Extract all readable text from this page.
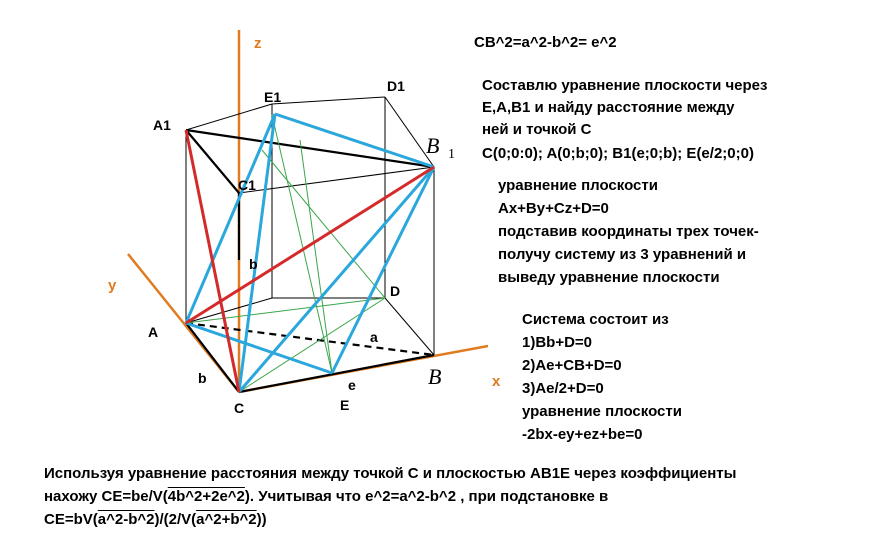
z
y
x
E1
D1
A1
B 1
C1
b
D
A	a
b
C	E
e	B
CB^2=a^2-b^2= e^2
Составлю уравнение плоскости через
E,A,B1 и найду расстояние между
ней и точкой С
C(0;0:0); A(0;b;0); B1(e;0;b); E(e/2;0;0)
уравнение плоскости
Ax+By+Cz+D=0
подставив координаты трех точек-
получу систему из 3 уравнений и
выведу уравнение плоскости
Система состоит из
1)Bb+D=0
2)Ae+CB+D=0
3)Ae/2+D=0
уравнение плоскости
-2bx-ey+ez+be=0
Используя уравнение расстояния между точкой С и плоскостью AB1E через коэффициенты
нахожу CE=be/V(4b^2+2e^2). Учитывая что e^2=a^2-b^2 , при подстановке в
CE=bV(a^2-b^2)/(2/V(a^2+b^2))
